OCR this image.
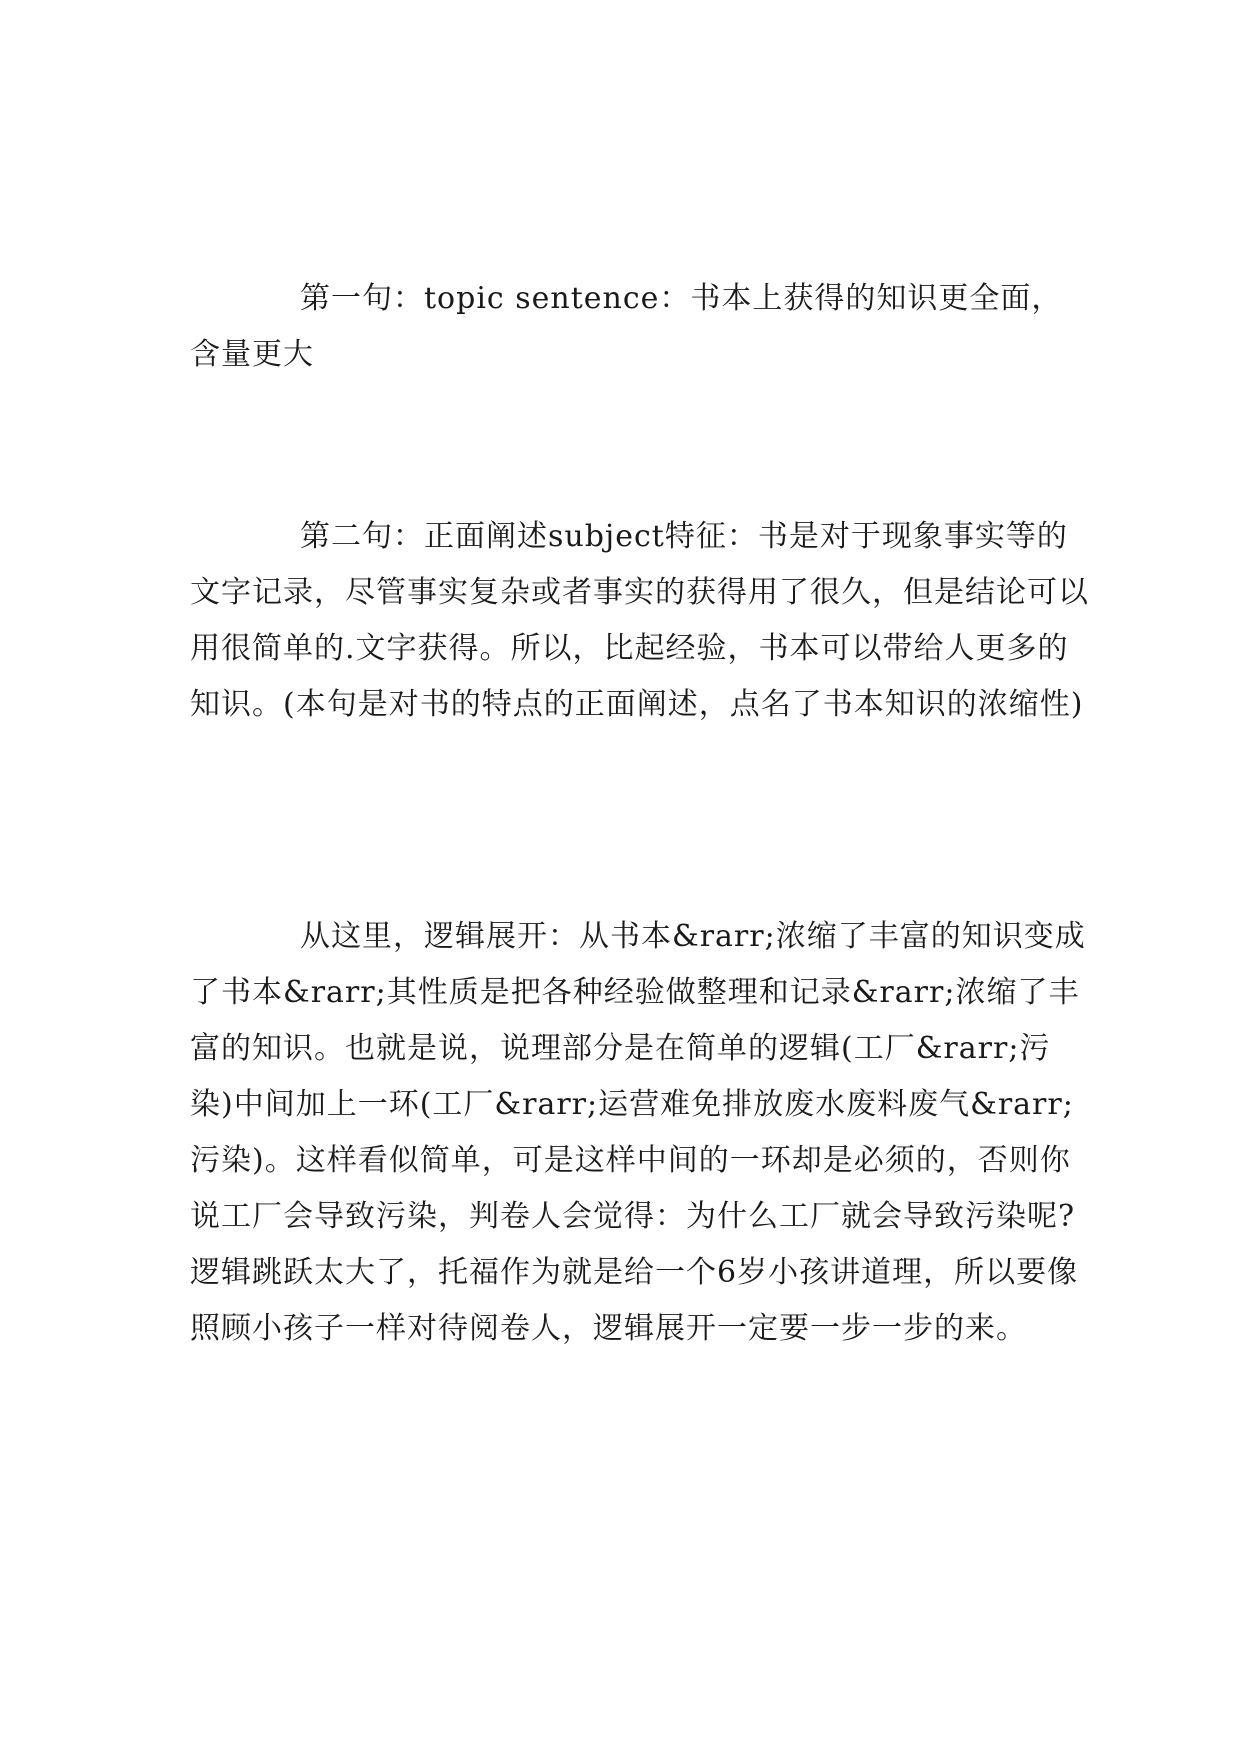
第一句：topic sentence：书本上获得的知识更全面，含量更大

第二句：正面阐述subject特征：书是对于现象事实等的文字记录，尽管事实复杂或者事实的获得用了很久，但是结论可以用很简单的.文字获得。所以，比起经验，书本可以带给人更多的知识。(本句是对书的特点的正面阐述，点名了书本知识的浓缩性)

从这里，逻辑展开：从书本&rarr;浓缩了丰富的知识变成了书本&rarr;其性质是把各种经验做整理和记录&rarr;浓缩了丰富的知识。也就是说，说理部分是在简单的逻辑(工厂&rarr;污染)中间加上一环(工厂&rarr;运营难免排放废水废料废气&rarr;污染)。这样看似简单，可是这样中间的一环却是必须的，否则你说工厂会导致污染，判卷人会觉得：为什么工厂就会导致污染呢?逻辑跳跃太大了，托福作为就是给一个6岁小孩讲道理，所以要像照顾小孩子一样对待阅卷人，逻辑展开一定要一步一步的来。
